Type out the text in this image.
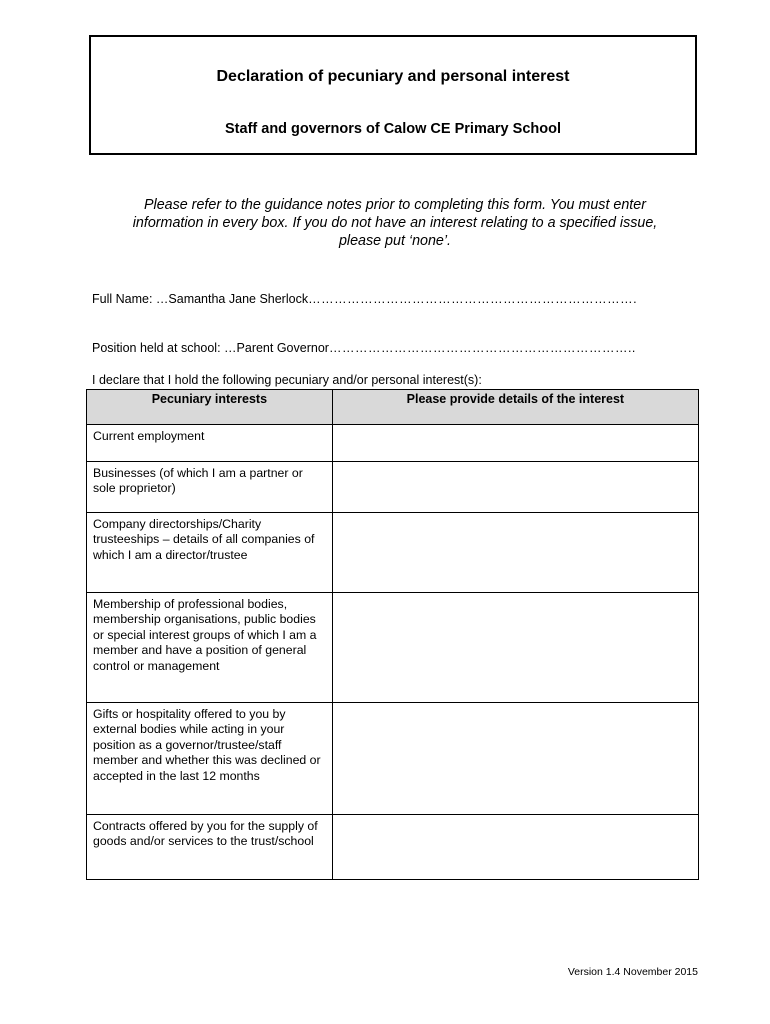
Declaration of pecuniary and personal interest
Staff and governors of Calow CE Primary School
Please refer to the guidance notes prior to completing this form. You must enter
information in every box. If you do not have an interest relating to a specified issue,
please put ‘none’.
Full Name: …Samantha Jane Sherlock………………………………………………………………….
Position held at school: …Parent Governor……………………………………………………………..
I declare that I hold the following pecuniary and/or personal interest(s):
Pecuniary interests	Please provide details of the interest
Current employment	
Businesses (of which I am a partner or sole proprietor)	
Company directorships/Charity trusteeships – details of all companies of which I am a director/trustee	
Membership of professional bodies, membership organisations, public bodies or special interest groups of which I am a member and have a position of general control or management	
Gifts or hospitality offered to you by external bodies while acting in your position as a governor/trustee/staff member and whether this was declined or accepted in the last 12 months	
Contracts offered by you for the supply of goods and/or services to the trust/school	
Version 1.4 November 2015
